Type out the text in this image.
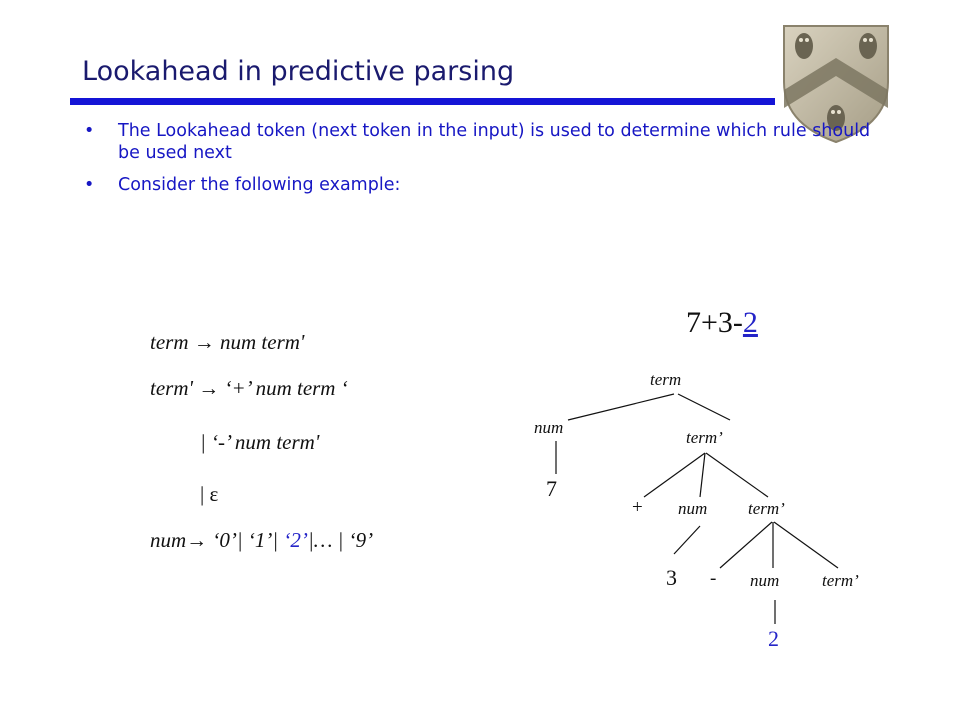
Lookahead in predictive parsing
• The Lookahead token (next token in the input) is used to determine which rule should be used next
• Consider the following example:
term → num term'
term' → ‘+’ num term ‘
| ‘-’ num term'
| ε
num→ ‘0’| ‘1’| ‘2’|… | ‘9’
7+3-2
term
num
term’
7
+ num term’
3 - num	term’
2
